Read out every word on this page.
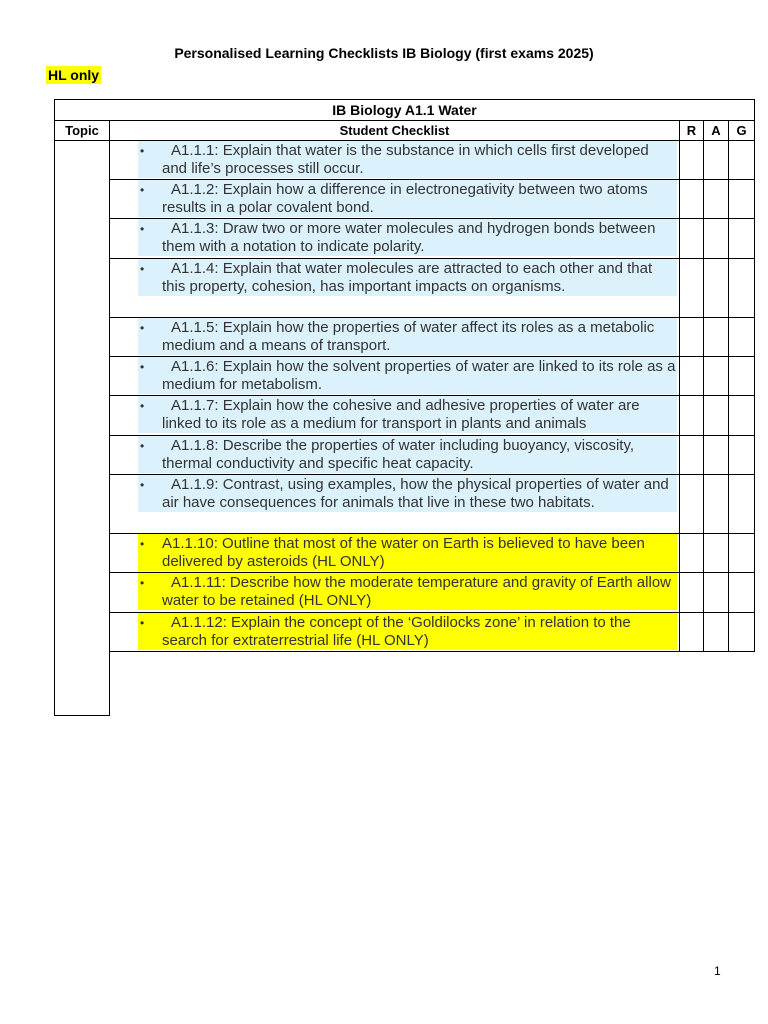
Personalised Learning Checklists IB Biology (first exams 2025)
HL only
IB Biology A1.1 Water				
Topic	Student Checklist	R	A	G

	• A1.1.1: Explain that water is the substance in which cells first developed and life’s processes still occur.			

	• A1.1.2: Explain how a difference in electronegativity between two atoms results in a polar covalent bond.			

	• A1.1.3: Draw two or more water molecules and hydrogen bonds between them with a notation to indicate polarity.			

	• A1.1.4: Explain that water molecules are attracted to each other and that this property, cohesion, has important impacts on organisms.			

	• A1.1.5: Explain how the properties of water affect its roles as a metabolic medium and a means of transport.			

	• A1.1.6: Explain how the solvent properties of water are linked to its role as a medium for metabolism.			

	• A1.1.7: Explain how the cohesive and adhesive properties of water are linked to its role as a medium for transport in plants and animals			

	• A1.1.8: Describe the properties of water including buoyancy, viscosity, thermal conductivity and specific heat capacity.			

	• A1.1.9: Contrast, using examples, how the physical properties of water and air have consequences for animals that live in these two habitats.			

	• A1.1.10: Outline that most of the water on Earth is believed to have been delivered by asteroids (HL ONLY)			

	• A1.1.11: Describe how the moderate temperature and gravity of Earth allow water to be retained (HL ONLY)			

	• A1.1.12: Explain the concept of the ‘Goldilocks zone’ in relation to the search for extraterrestrial life (HL ONLY)			

1
